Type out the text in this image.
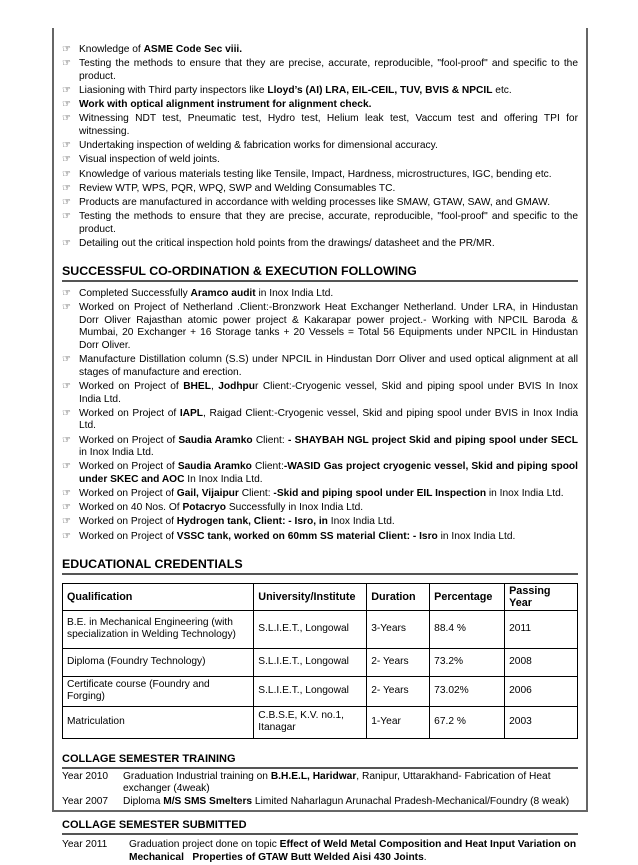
☞ Knowledge of ASME Code Sec viii.
☞ Testing the methods to ensure that they are precise, accurate, reproducible, "fool-proof" and specific to the product.
☞ Liasioning with Third party inspectors like Lloyd’s (AI) LRA, EIL-CEIL, TUV, BVIS & NPCIL etc.
☞ Work with optical alignment instrument for alignment check.
☞ Witnessing NDT test, Pneumatic test, Hydro test, Helium leak test, Vaccum test and offering TPI for witnessing.
☞ Undertaking inspection of welding & fabrication works for dimensional accuracy.
☞ Visual inspection of weld joints.
☞ Knowledge of various materials testing like Tensile, Impact, Hardness, microstructures, IGC, bending etc.
☞ Review WTP, WPS, PQR, WPQ, SWP and Welding Consumables TC.
☞ Products are manufactured in accordance with welding processes like SMAW, GTAW, SAW, and GMAW.
☞ Testing the methods to ensure that they are precise, accurate, reproducible, "fool-proof" and specific to the product.
☞ Detailing out the critical inspection hold points from the drawings/ datasheet and the PR/MR.
SUCCESSFUL CO-ORDINATION & EXECUTION FOLLOWING
☞ Completed Successfully Aramco audit in Inox India Ltd.
☞ Worked on Project of Netherland .Client:-Bronzwork Heat Exchanger Netherland. Under LRA, in Hindustan Dorr Oliver Rajasthan atomic power project & Kakarapar power project.- Working with NPCIL Baroda & Mumbai, 20 Exchanger + 16 Storage tanks + 20 Vessels = Total 56 Equipments under NPCIL in Hindustan Dorr Oliver.
☞ Manufacture Distillation column (S.S) under NPCIL in Hindustan Dorr Oliver and used optical alignment at all stages of manufacture and erection.
☞ Worked on Project of BHEL, Jodhpur Client:-Cryogenic vessel, Skid and piping spool under BVIS In Inox India Ltd.
☞ Worked on Project of IAPL, Raigad Client:-Cryogenic vessel, Skid and piping spool under BVIS in Inox India Ltd.
☞ Worked on Project of Saudia Aramko Client: - SHAYBAH NGL project Skid and piping spool under SECL in Inox India Ltd.
☞ Worked on Project of Saudia Aramko Client:-WASID Gas project cryogenic vessel, Skid and piping spool under SKEC and AOC In Inox India Ltd.
☞ Worked on Project of Gail, Vijaipur Client: -Skid and piping spool under EIL Inspection in Inox India Ltd.
☞ Worked on 40 Nos. Of Potacryo Successfully in Inox India Ltd.
☞ Worked on Project of Hydrogen tank, Client: - Isro, in Inox India Ltd.
☞ Worked on Project of VSSC tank, worked on 60mm SS material Client: - Isro in Inox India Ltd.
EDUCATIONAL CREDENTIALS
Qualification	University/Institute	Duration	Percentage	Passing Year
B.E. in Mechanical Engineering (with specialization in Welding Technology)	S.L.I.E.T., Longowal	3-Years	88.4 %	2011
Diploma (Foundry Technology)	S.L.I.E.T., Longowal	2- Years	73.2%	2008
Certificate course (Foundry and Forging)	S.L.I.E.T., Longowal	2- Years	73.02%	2006
Matriculation	C.B.S.E, K.V. no.1, Itanagar	1-Year	67.2 %	2003
COLLAGE SEMESTER TRAINING
Year 2010	Graduation Industrial training on B.H.E.L, Haridwar, Ranipur, Uttarakhand- Fabrication of Heat exchanger (4weak)
Year 2007	Diploma M/S SMS Smelters Limited Naharlagun Arunachal Pradesh-Mechanical/Foundry (8 weak)
COLLAGE SEMESTER SUBMITTED
Year 2011	Graduation project done on topic Effect of Weld Metal Composition and Heat Input Variation on Mechanical   Properties of GTAW Butt Welded Aisi 430 Joints.
